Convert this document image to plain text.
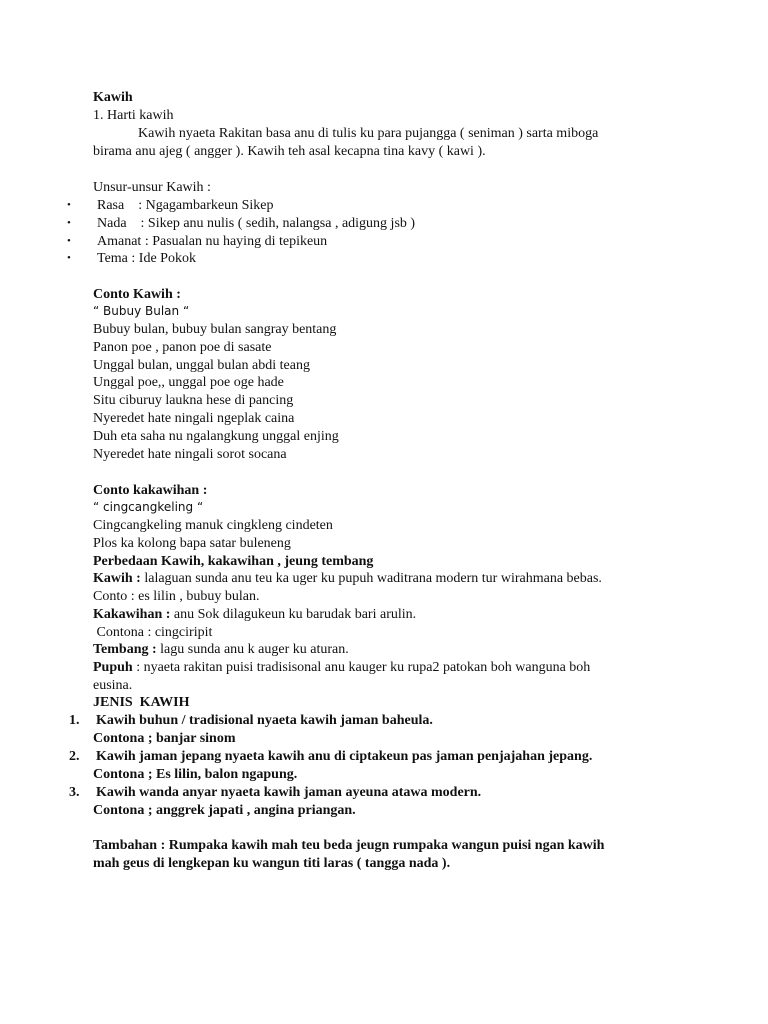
Kawih
1. Harti kawih
Kawih nyaeta Rakitan basa anu di tulis ku para pujangga ( seniman ) sarta miboga
birama anu ajeg ( angger ). Kawih teh asal kecapna tina kavy ( kawi ).
Unsur-unsur Kawih :
• Rasa    : Ngagambarkeun Sikep
• Nada    : Sikep anu nulis ( sedih, nalangsa , adigung jsb )
• Amanat : Pasualan nu haying di tepikeun
• Tema : Ide Pokok
Conto Kawih :
“ Bubuy Bulan “
Bubuy bulan, bubuy bulan sangray bentang
Panon poe , panon poe di sasate
Unggal bulan, unggal bulan abdi teang
Unggal poe,, unggal poe oge hade
Situ ciburuy laukna hese di pancing
Nyeredet hate ningali ngeplak caina
Duh eta saha nu ngalangkung unggal enjing
Nyeredet hate ningali sorot socana
Conto kakawihan :
“ cingcangkeling “
Cingcangkeling manuk cingkleng cindeten
Plos ka kolong bapa satar buleneng
Perbedaan Kawih, kakawihan , jeung tembang
Kawih : lalaguan sunda anu teu ka uger ku pupuh waditrana modern tur wirahmana bebas.
Conto : es lilin , bubuy bulan.
Kakawihan : anu Sok dilagukeun ku barudak bari arulin.
Contona : cingciripit
Tembang : lagu sunda anu k auger ku aturan.
Pupuh : nyaeta rakitan puisi tradisisonal anu kauger ku rupa2 patokan boh wanguna boh
eusina.
JENIS  KAWIH
1. Kawih buhun / tradisional nyaeta kawih jaman baheula.
Contona ; banjar sinom
2. Kawih jaman jepang nyaeta kawih anu di ciptakeun pas jaman penjajahan jepang.
Contona ; Es lilin, balon ngapung.
3. Kawih wanda anyar nyaeta kawih jaman ayeuna atawa modern.
Contona ; anggrek japati , angina priangan.
Tambahan : Rumpaka kawih mah teu beda jeugn rumpaka wangun puisi ngan kawih
mah geus di lengkepan ku wangun titi laras ( tangga nada ).
